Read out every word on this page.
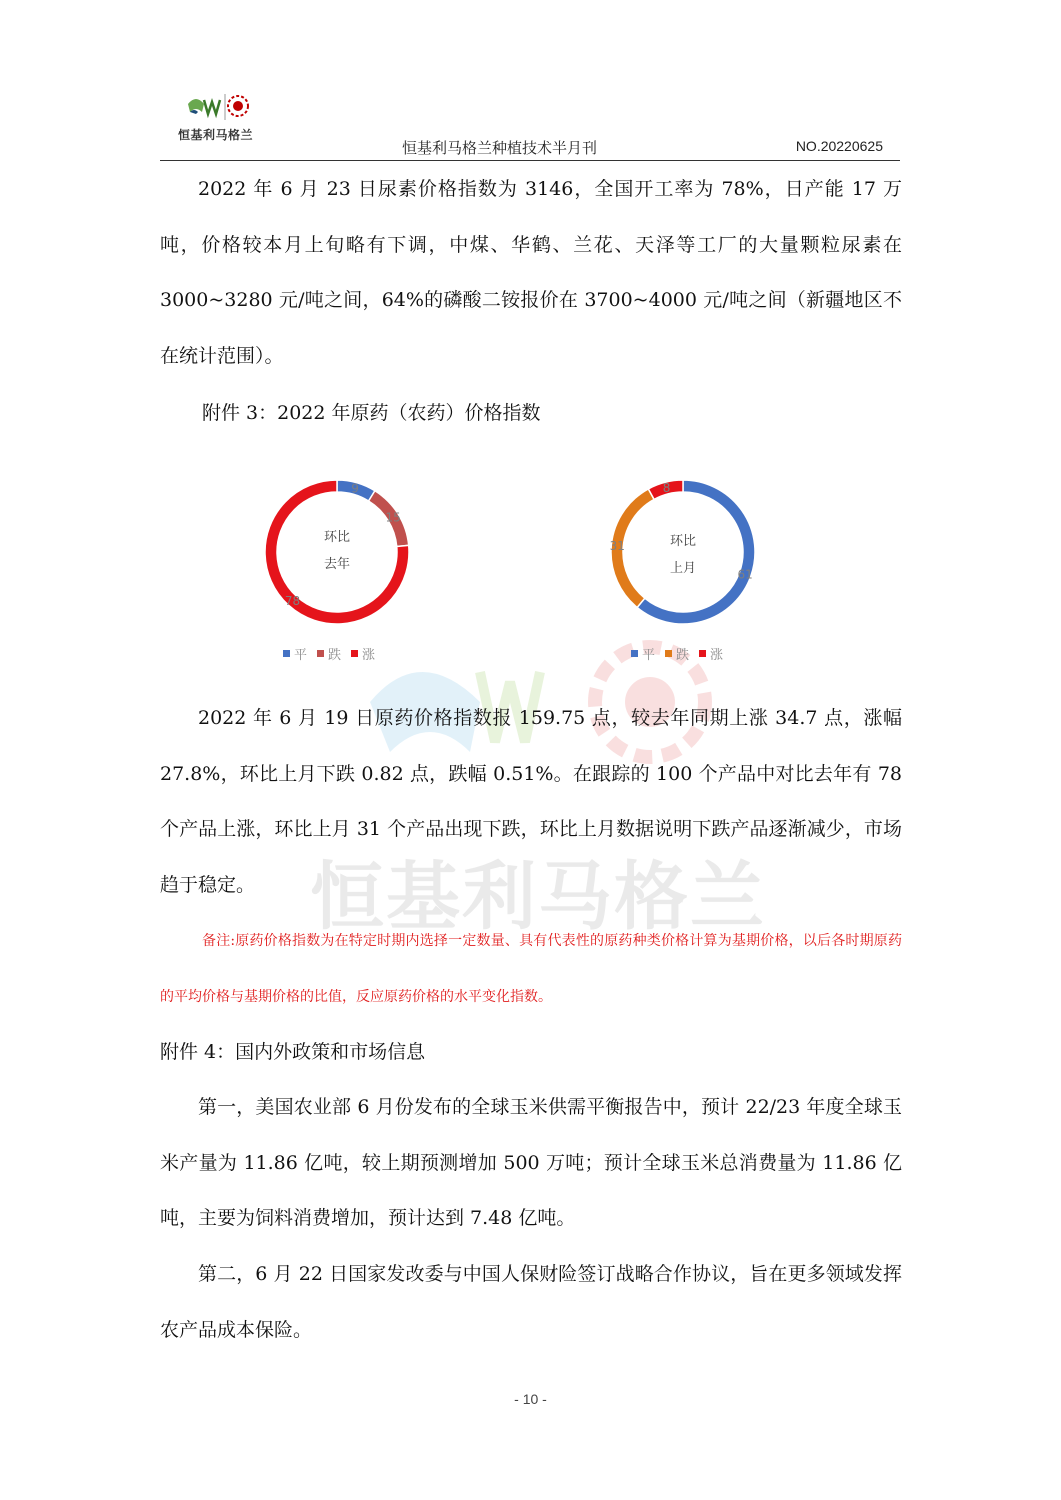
恒基利马格兰
恒基利马格兰种植技术半月刊	NO.20220625
恒基利马格兰
2022 年 6 月 23 日尿素价格指数为 3146，全国开工率为 78%，日产能 17 万吨，价格较本月上旬略有下调，中煤、华鹤、兰花、天泽等工厂的大量颗粒尿素在 3000~3280 元/吨之间，64%的磷酸二铵报价在 3700~4000 元/吨之间（新疆地区不在统计范围）。
附件 3：2022 年原药（农药）价格指数
环比
去年
9
15
78
平 跌 涨
环比
上月	61
31
8
平 跌 涨
2022 年 6 月 19 日原药价格指数报 159.75 点，较去年同期上涨 34.7 点，涨幅 27.8%，环比上月下跌 0.82 点，跌幅 0.51%。在跟踪的 100 个产品中对比去年有 78 个产品上涨，环比上月 31 个产品出现下跌，环比上月数据说明下跌产品逐渐减少，市场趋于稳定。
备注:原药价格指数为在特定时期内选择一定数量、具有代表性的原药种类价格计算为基期价格，以后各时期原药的平均价格与基期价格的比值，反应原药价格的水平变化指数。
附件 4：国内外政策和市场信息
第一，美国农业部 6 月份发布的全球玉米供需平衡报告中，预计 22/23 年度全球玉米产量为 11.86 亿吨，较上期预测增加 500 万吨；预计全球玉米总消费量为 11.86 亿吨，主要为饲料消费增加，预计达到 7.48 亿吨。
第二，6 月 22 日国家发改委与中国人保财险签订战略合作协议，旨在更多领域发挥农产品成本保险。
- 10 -
